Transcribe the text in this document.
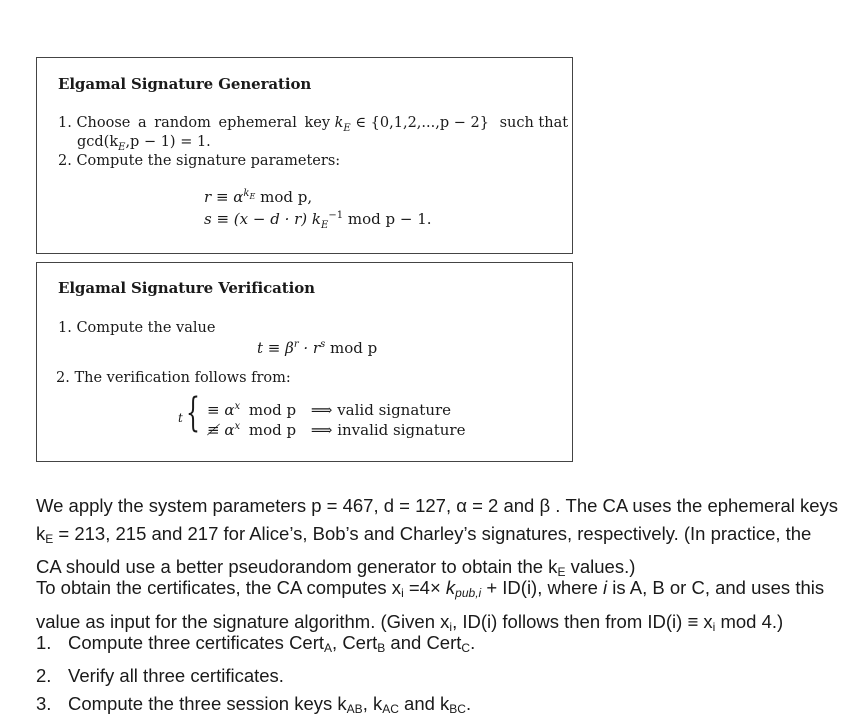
Elgamal Signature Generation
1. Choose a random ephemeral key $k_E$ ∈ {0,1,2,...,p − 2} such that
$\gcd(k_E,p - 1) = 1$.
2. Compute the signature parameters:
$r \equiv \alpha^{k_E}$ mod p,
s ≡ (x − d · r) $k_E^{-1}$ mod p − 1.
Elgamal Signature Verification
1. Compute the value
$t \equiv \beta^r \cdot r^s$ mod p
2. The verification follows from:
t { ≡ $\alpha^x$ mod p ⟹ valid signature
≢ $\alpha^x$ mod p ⟹ invalid signature
We apply the system parameters p = 467, d = 127, α = 2 and β . The CA uses the ephemeral keys
kE = 213, 215 and 217 for Alice’s, Bob’s and Charley’s signatures, respectively. (In practice, the
CA should use a better pseudorandom generator to obtain the kE values.)
To obtain the certificates, the CA computes xi =4× kpub,i + ID(i), where i is A, B or C, and uses this
value as input for the signature algorithm. (Given xi, ID(i) follows then from ID(i) ≡ xi mod 4.)
1. Compute three certificates CertA, CertB and CertC.
2. Verify all three certificates.
3. Compute the three session keys kAB, kAC and kBC.
